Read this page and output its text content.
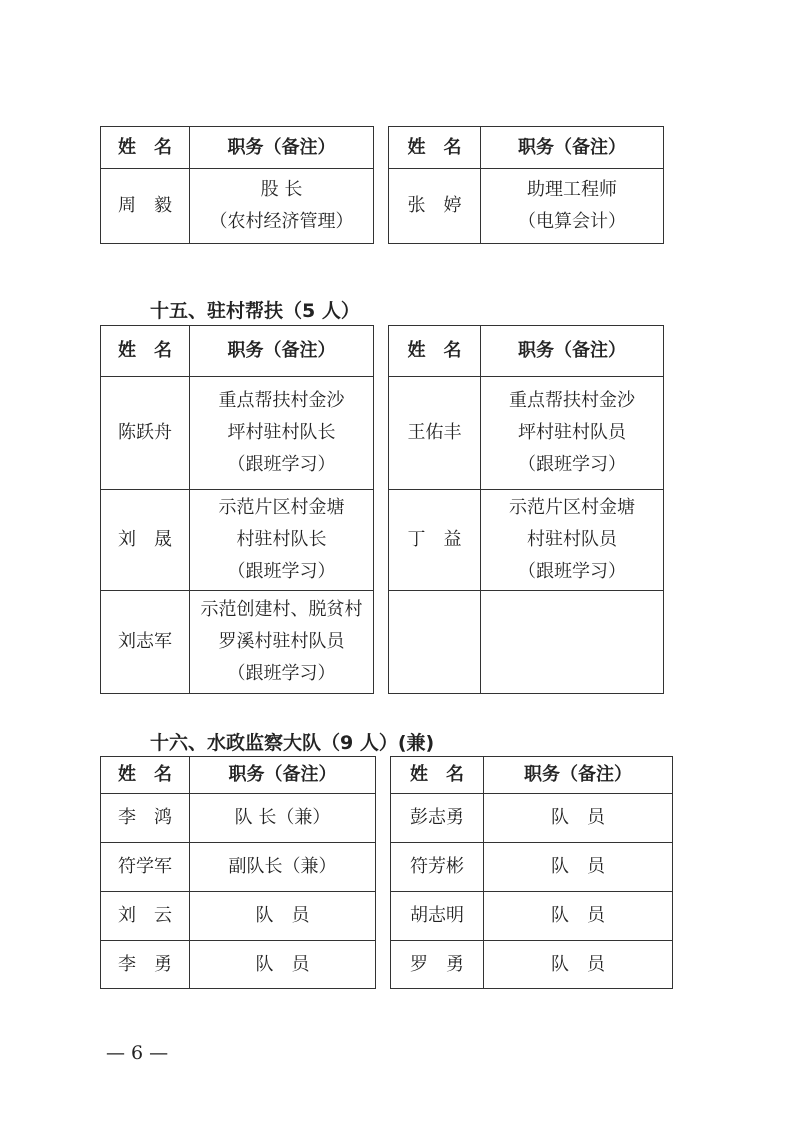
十五、驻村帮扶（5 人）
十六、水政监察大队（9 人）(兼)
— 6 —
姓　名	职务（备注）
周　毅	股 长
（农村经济管理）
姓　名	职务（备注）
张　婷	助理工程师
（电算会计）
姓　名	职务（备注）
陈跃舟	重点帮扶村金沙
坪村驻村队长
（跟班学习）

刘　晟	示范片区村金塘
村驻村队长
（跟班学习）

刘志军	示范创建村、脱贫村
罗溪村驻村队员
（跟班学习）
姓　名	职务（备注）
王佑丰	重点帮扶村金沙
坪村驻村队员
（跟班学习）

丁　益	示范片区村金塘
村驻村队员
（跟班学习）

姓　名	职务（备注）
李　鸿	队 长（兼）

符学军	副队长（兼）

刘　云	队　员

李　勇	队　员
姓　名	职务（备注）
彭志勇	队　员

符芳彬	队　员

胡志明	队　员

罗　勇	队　员
